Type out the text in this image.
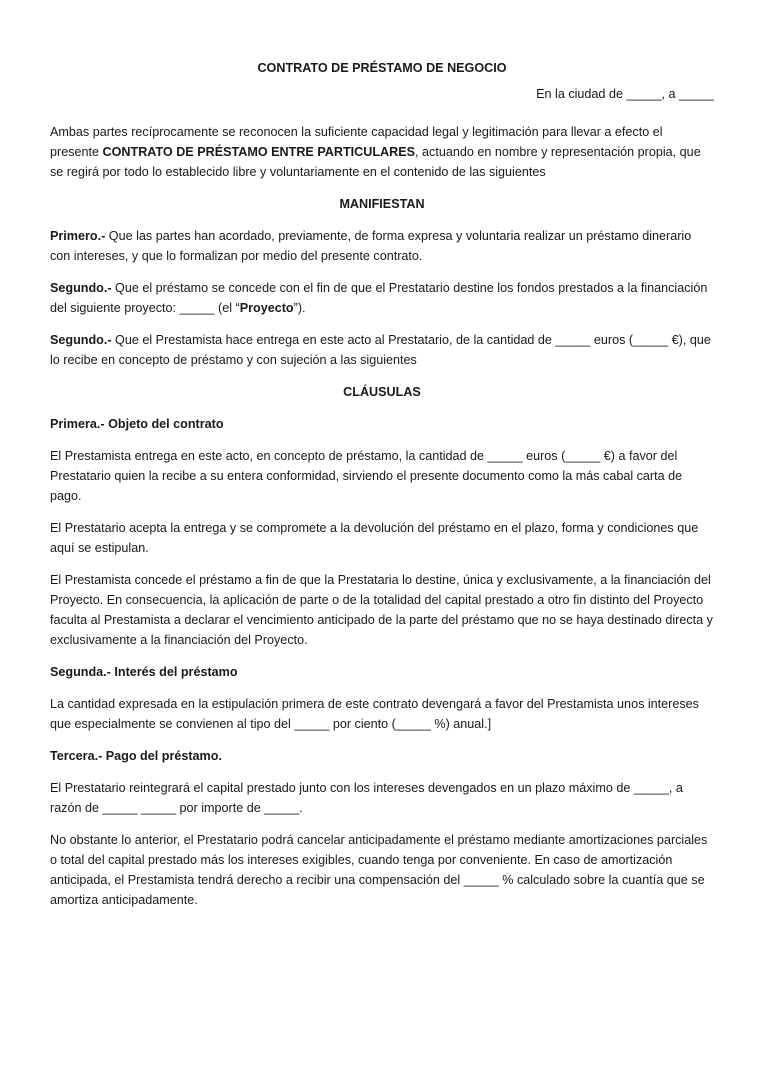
CONTRATO DE PRÉSTAMO DE NEGOCIO
En la ciudad de _____, a _____

Ambas partes recíprocamente se reconocen la suficiente capacidad legal y legitimación para llevar a efecto el presente CONTRATO DE PRÉSTAMO ENTRE PARTICULARES, actuando en nombre y representación propia, que se regirá por todo lo establecido libre y voluntariamente en el contenido de las siguientes

MANIFIESTAN

Primero.- Que las partes han acordado, previamente, de forma expresa y voluntaria realizar un préstamo dinerario con intereses, y que lo formalizan por medio del presente contrato.

Segundo.- Que el préstamo se concede con el fin de que el Prestatario destine los fondos prestados a la financiación del siguiente proyecto: _____ (el “Proyecto”).

Segundo.- Que el Prestamista hace entrega en este acto al Prestatario, de la cantidad de _____ euros (_____ €), que lo recibe en concepto de préstamo y con sujeción a las siguientes

CLÁUSULAS
Primera.- Objeto del contrato

El Prestamista entrega en este acto, en concepto de préstamo, la cantidad de _____ euros (_____ €) a favor del Prestatario quien la recibe a su entera conformidad, sirviendo el presente documento como la más cabal carta de pago.

El Prestatario acepta la entrega y se compromete a la devolución del préstamo en el plazo, forma y condiciones que aquí se estipulan.

El Prestamista concede el préstamo a fin de que la Prestataria lo destine, única y exclusivamente, a la financiación del Proyecto. En consecuencia, la aplicación de parte o de la totalidad del capital prestado a otro fin distinto del Proyecto faculta al Prestamista a declarar el vencimiento anticipado de la parte del préstamo que no se haya destinado directa y exclusivamente a la financiación del Proyecto.

Segunda.- Interés del préstamo

La cantidad expresada en la estipulación primera de este contrato devengará a favor del Prestamista unos intereses que especialmente se convienen al tipo del _____ por ciento (_____ %) anual.]

Tercera.- Pago del préstamo.

El Prestatario reintegrará el capital prestado junto con los intereses devengados en un plazo máximo de _____, a razón de _____ _____ por importe de _____.

No obstante lo anterior, el Prestatario podrá cancelar anticipadamente el préstamo mediante amortizaciones parciales o total del capital prestado más los intereses exigibles, cuando tenga por conveniente. En caso de amortización anticipada, el Prestamista tendrá derecho a recibir una compensación del _____ % calculado sobre la cuantía que se amortiza anticipadamente.
